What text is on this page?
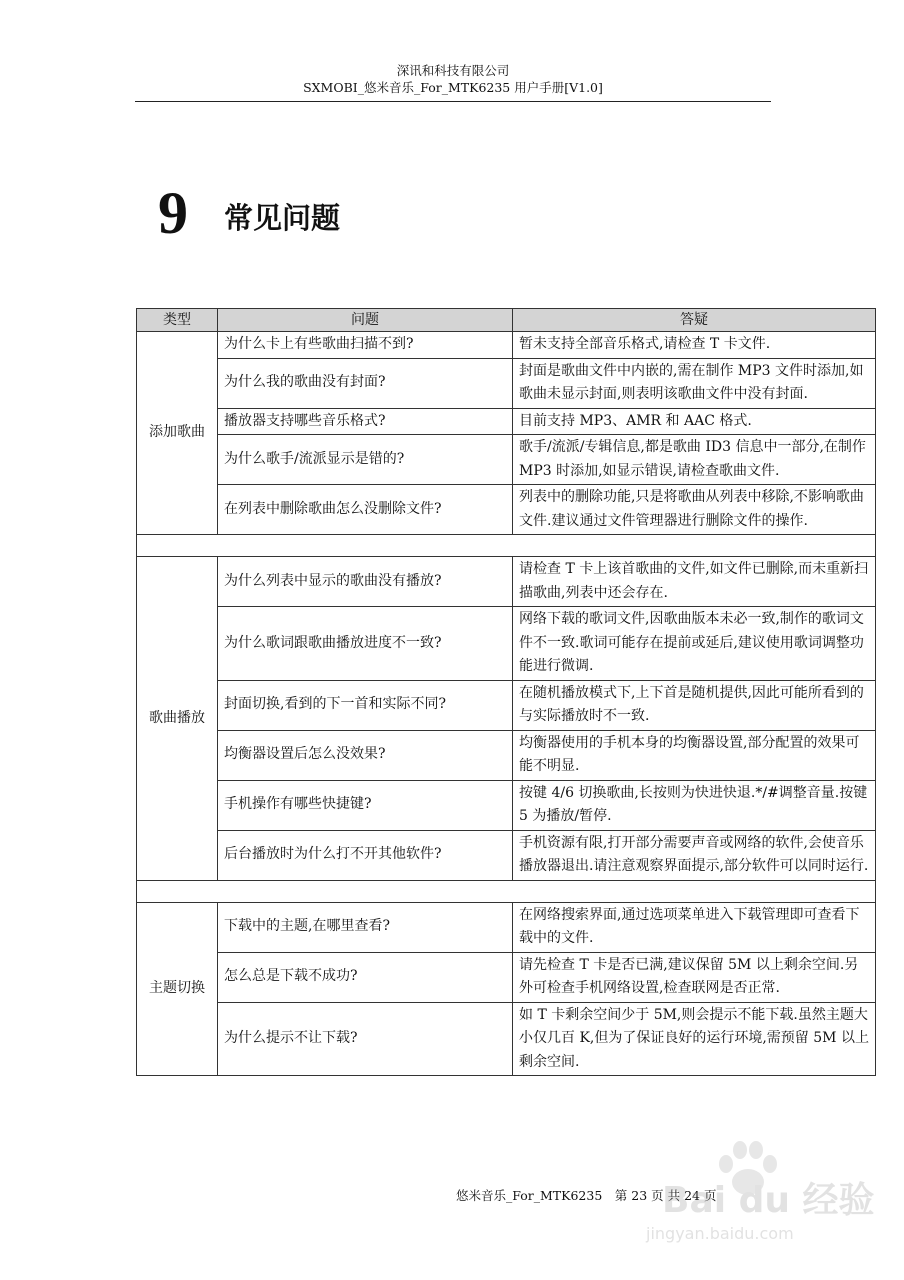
深讯和科技有限公司
SXMOBI_悠米音乐_For_MTK6235 用户手册[V1.0]
9 常见问题
类型	问题	答疑
添加歌曲	为什么卡上有些歌曲扫描不到?	暂未支持全部音乐格式,请检查 T 卡文件.
	为什么我的歌曲没有封面?	封面是歌曲文件中内嵌的,需在制作 MP3 文件时添加,如歌曲未显示封面,则表明该歌曲文件中没有封面.
	播放器支持哪些音乐格式?	目前支持 MP3、AMR 和 AAC 格式.
	为什么歌手/流派显示是错的?	歌手/流派/专辑信息,都是歌曲 ID3 信息中一部分,在制作 MP3 时添加,如显示错误,请检查歌曲文件.
	在列表中删除歌曲怎么没删除文件?	列表中的删除功能,只是将歌曲从列表中移除,不影响歌曲文件.建议通过文件管理器进行删除文件的操作.

歌曲播放	为什么列表中显示的歌曲没有播放?	请检查 T 卡上该首歌曲的文件,如文件已删除,而未重新扫描歌曲,列表中还会存在.
	为什么歌词跟歌曲播放进度不一致?	网络下载的歌词文件,因歌曲版本未必一致,制作的歌词文件不一致.歌词可能存在提前或延后,建议使用歌词调整功能进行微调.
	封面切换,看到的下一首和实际不同?	在随机播放模式下,上下首是随机提供,因此可能所看到的与实际播放时不一致.
	均衡器设置后怎么没效果?	均衡器使用的手机本身的均衡器设置,部分配置的效果可能不明显.
	手机操作有哪些快捷键?	按键 4/6 切换歌曲,长按则为快进快退.*/#调整音量.按键 5 为播放/暂停.
	后台播放时为什么打不开其他软件?	手机资源有限,打开部分需要声音或网络的软件,会使音乐播放器退出.请注意观察界面提示,部分软件可以同时运行.

主题切换	下载中的主题,在哪里查看?	在网络搜索界面,通过选项菜单进入下载管理即可查看下载中的文件.
	怎么总是下载不成功?	请先检查 T 卡是否已满,建议保留 5M 以上剩余空间.另外可检查手机网络设置,检查联网是否正常.
	为什么提示不让下载?	如 T 卡剩余空间少于 5M,则会提示不能下载.虽然主题大小仅几百 K,但为了保证良好的运行环境,需预留 5M 以上剩余空间.
悠米音乐_For_MTK6235　第 23 页 共 24 页
Bai du 经验
jingyan.baidu.com
